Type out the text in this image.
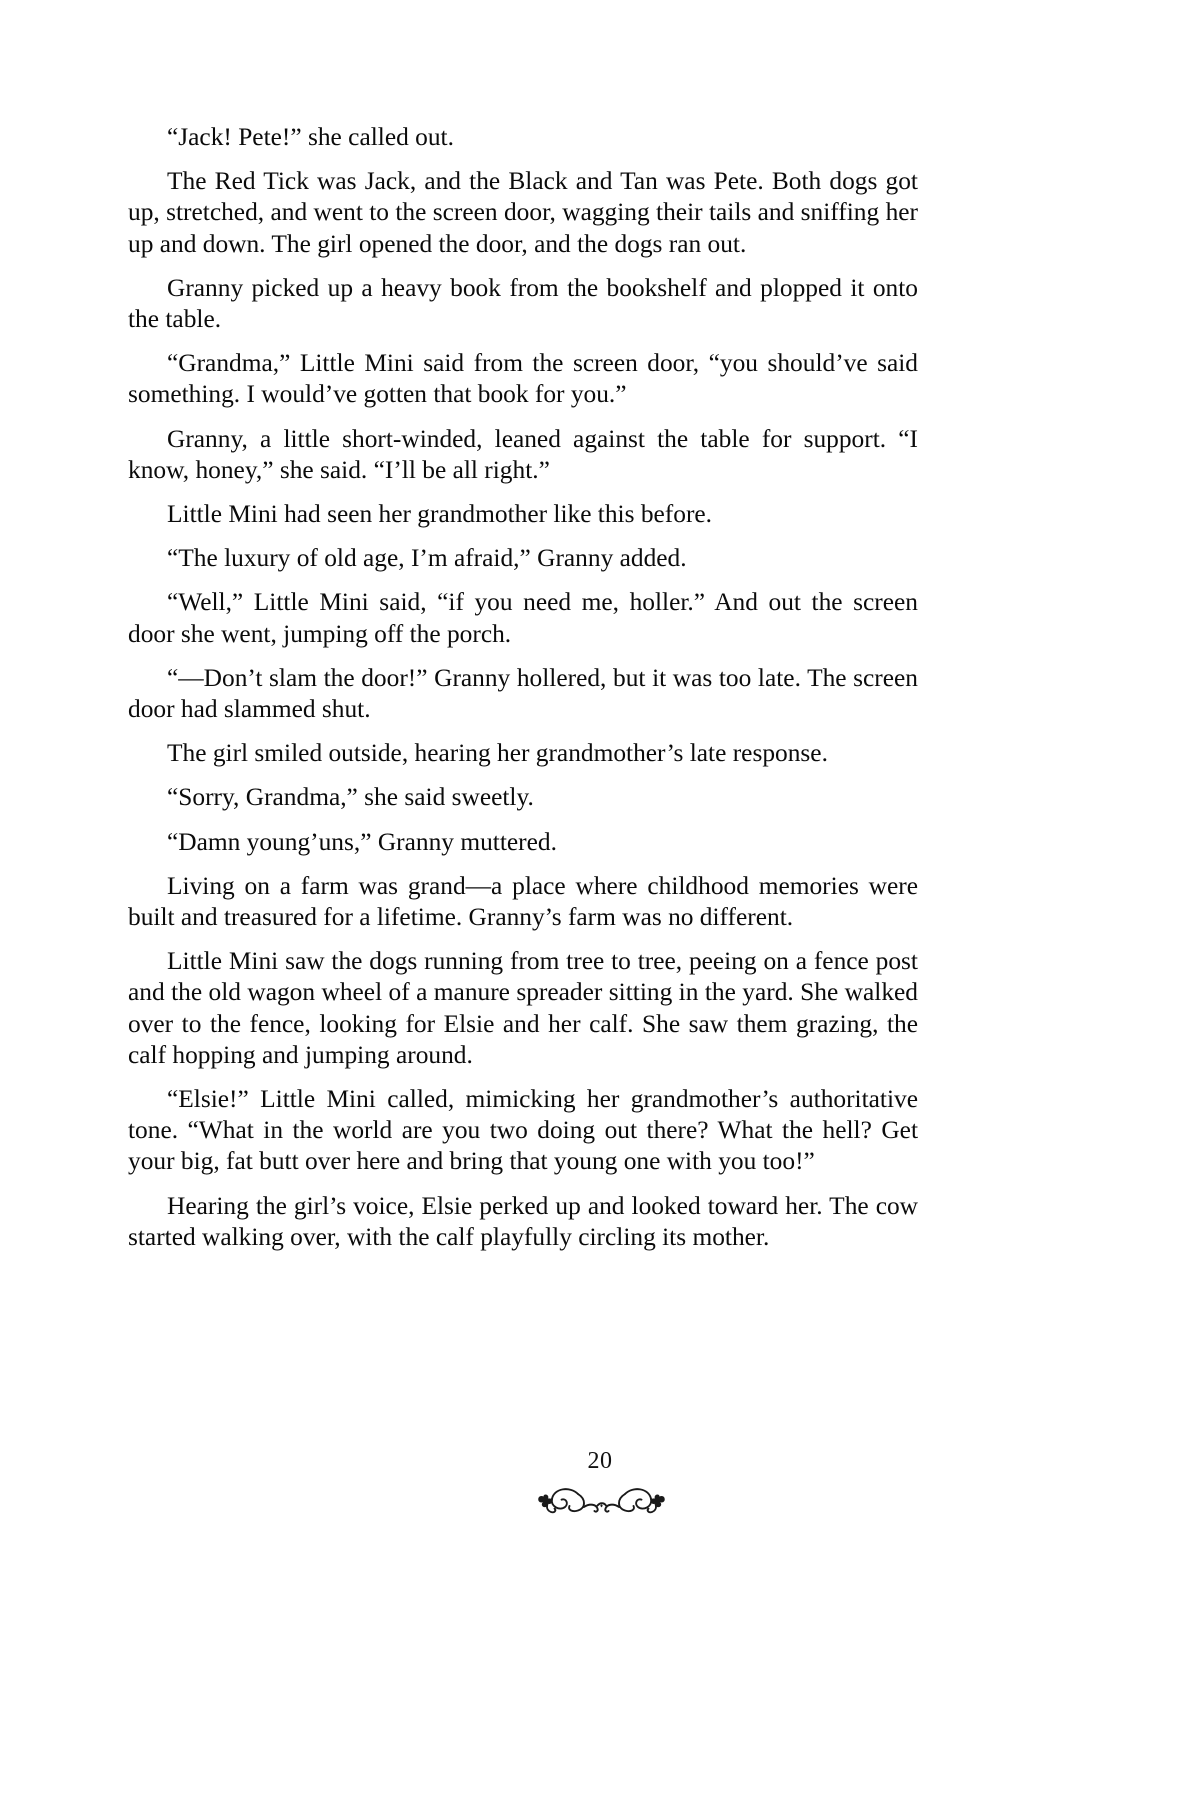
“Jack! Pete!” she called out.

The Red Tick was Jack, and the Black and Tan was Pete. Both dogs got up, stretched, and went to the screen door, wagging their tails and sniffing her up and down. The girl opened the door, and the dogs ran out.

Granny picked up a heavy book from the bookshelf and plopped it onto the table.

“Grandma,” Little Mini said from the screen door, “you should’ve said something. I would’ve gotten that book for you.”

Granny, a little short-winded, leaned against the table for support. “I know, honey,” she said. “I’ll be all right.”

Little Mini had seen her grandmother like this before.

“The luxury of old age, I’m afraid,” Granny added.

“Well,” Little Mini said, “if you need me, holler.” And out the screen door she went, jumping off the porch.

“—Don’t slam the door!” Granny hollered, but it was too late. The screen door had slammed shut.

The girl smiled outside, hearing her grandmother’s late response.

“Sorry, Grandma,” she said sweetly.

“Damn young’uns,” Granny muttered.

Living on a farm was grand—a place where childhood memories were built and treasured for a lifetime. Granny’s farm was no different.

Little Mini saw the dogs running from tree to tree, peeing on a fence post and the old wagon wheel of a manure spreader sitting in the yard. She walked over to the fence, looking for Elsie and her calf. She saw them grazing, the calf hopping and jumping around.

“Elsie!” Little Mini called, mimicking her grandmother’s authoritative tone. “What in the world are you two doing out there? What the hell? Get your big, fat butt over here and bring that young one with you too!”

Hearing the girl’s voice, Elsie perked up and looked toward her. The cow started walking over, with the calf playfully circling its mother.

20
